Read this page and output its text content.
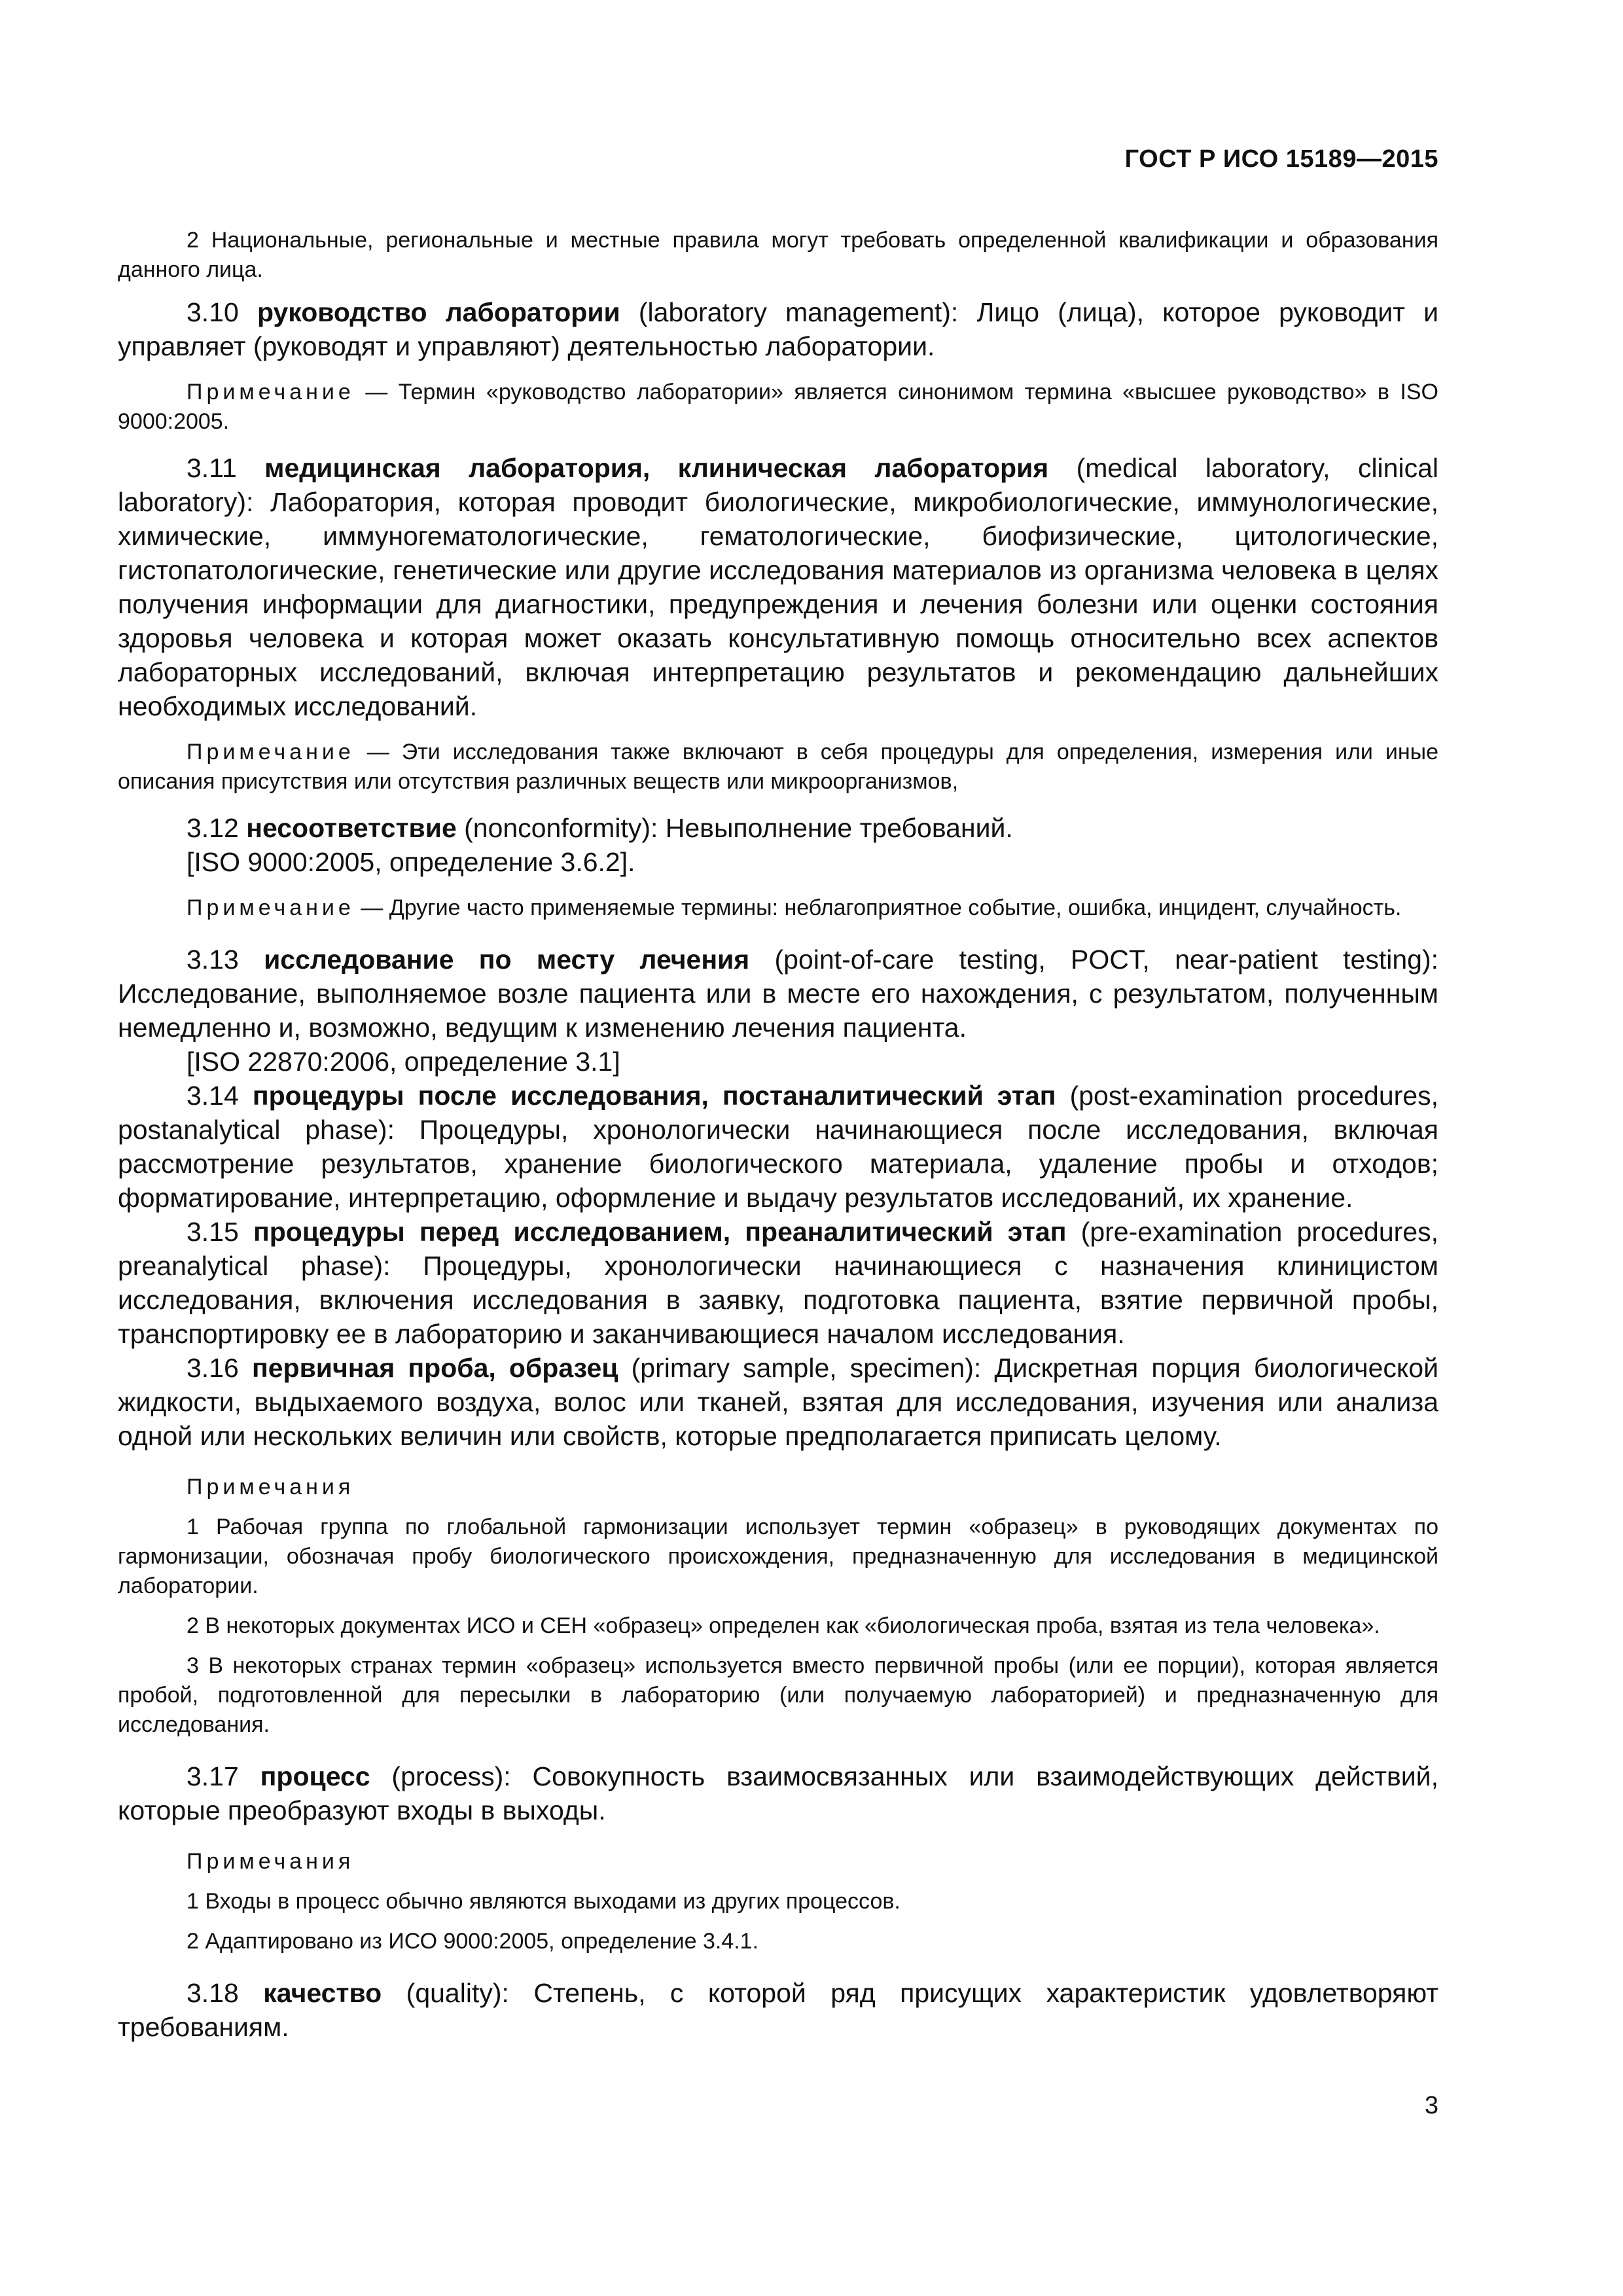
ГОСТ Р ИСО 15189—2015

2 Национальные, региональные и местные правила могут требовать определенной квалификации и образования данного лица.

3.10 руководство лаборатории (laboratory management): Лицо (лица), которое руководит и управляет (руководят и управляют) деятельностью лаборатории.

Примечание — Термин «руководство лаборатории» является синонимом термина «высшее руководство» в ISO 9000:2005.

3.11 медицинская лаборатория, клиническая лаборатория (medical laboratory, clinical laboratory): Лаборатория, которая проводит биологические, микробиологические, иммунологические, химические, иммуногематологические, гематологические, биофизические, цитологические, гистопатологические, генетические или другие исследования материалов из организма человека в целях получения информации для диагностики, предупреждения и лечения болезни или оценки состояния здоровья человека и которая может оказать консультативную помощь относительно всех аспектов лабораторных исследований, включая интерпретацию результатов и рекомендацию дальнейших необходимых исследований.

Примечание — Эти исследования также включают в себя процедуры для определения, измерения или иные описания присутствия или отсутствия различных веществ или микроорганизмов,

3.12 несоответствие (nonconformity): Невыполнение требований.

[ISO 9000:2005, определение 3.6.2].

Примечание — Другие часто применяемые термины: неблагоприятное событие, ошибка, инцидент, случайность.

3.13 исследование по месту лечения (point-of-care testing, POCT, near-patient testing): Исследование, выполняемое возле пациента или в месте его нахождения, с результатом, полученным немедленно и, возможно, ведущим к изменению лечения пациента.

[ISO 22870:2006, определение 3.1]

3.14 процедуры после исследования, постаналитический этап (post-examination procedures, postanalytical phase): Процедуры, хронологически начинающиеся после исследования, включая рассмотрение результатов, хранение биологического материала, удаление пробы и отходов; форматирование, интерпретацию, оформление и выдачу результатов исследований, их хранение.

3.15 процедуры перед исследованием, преаналитический этап (pre-examination procedures, preanalytical phase): Процедуры, хронологически начинающиеся с назначения клиницистом исследования, включения исследования в заявку, подготовка пациента, взятие первичной пробы, транспортировку ее в лабораторию и заканчивающиеся началом исследования.

3.16 первичная проба, образец (primary sample, specimen): Дискретная порция биологической жидкости, выдыхаемого воздуха, волос или тканей, взятая для исследования, изучения или анализа одной или нескольких величин или свойств, которые предполагается приписать целому.

Примечания

1 Рабочая группа по глобальной гармонизации использует термин «образец» в руководящих документах по гармонизации, обозначая пробу биологического происхождения, предназначенную для исследования в медицинской лаборатории.

2 В некоторых документах ИСО и СЕН «образец» определен как «биологическая проба, взятая из тела человека».

3 В некоторых странах термин «образец» используется вместо первичной пробы (или ее порции), которая является пробой, подготовленной для пересылки в лабораторию (или получаемую лабораторией) и предназначенную для исследования.

3.17 процесс (process): Совокупность взаимосвязанных или взаимодействующих действий, которые преобразуют входы в выходы.

Примечания

1 Входы в процесс обычно являются выходами из других процессов.

2 Адаптировано из ИСО 9000:2005, определение 3.4.1.

3.18 качество (quality): Степень, с которой ряд присущих характеристик удовлетворяют требованиям.

3
